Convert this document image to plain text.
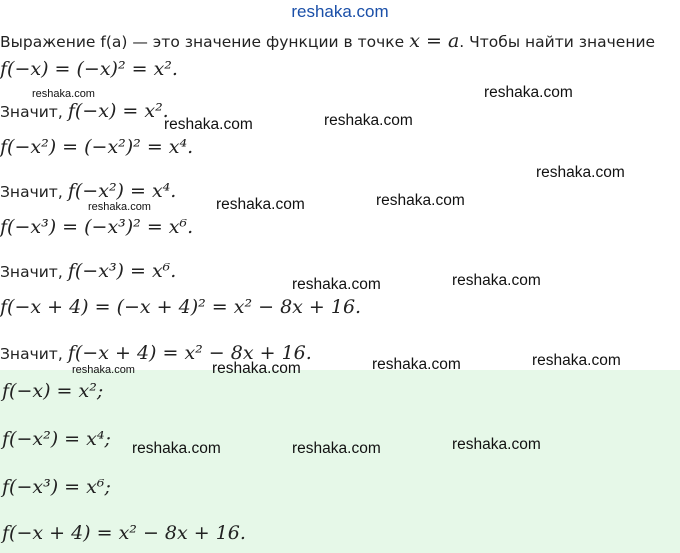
reshaka.com
Выражение f(a) — это значение функции в точке x = a. Чтобы найти значение
f(−x) = (−x)² = x².
Значит, f(−x) = x².
f(−x²) = (−x²)² = x⁴.
Значит, f(−x²) = x⁴.
f(−x³) = (−x³)² = x⁶.
Значит, f(−x³) = x⁶.
f(−x + 4) = (−x + 4)² = x² − 8x + 16.
Значит, f(−x + 4) = x² − 8x + 16.
f(−x) = x²;
f(−x²) = x⁴;
f(−x³) = x⁶;
f(−x + 4) = x² − 8x + 16.
reshaka.com	reshaka.com
reshaka.com	reshaka.com
reshaka.com
reshaka.com	reshaka.com	reshaka.com
reshaka.com	reshaka.com
reshaka.com	reshaka.com	reshaka.com	reshaka.com
reshaka.com	reshaka.com	reshaka.com
